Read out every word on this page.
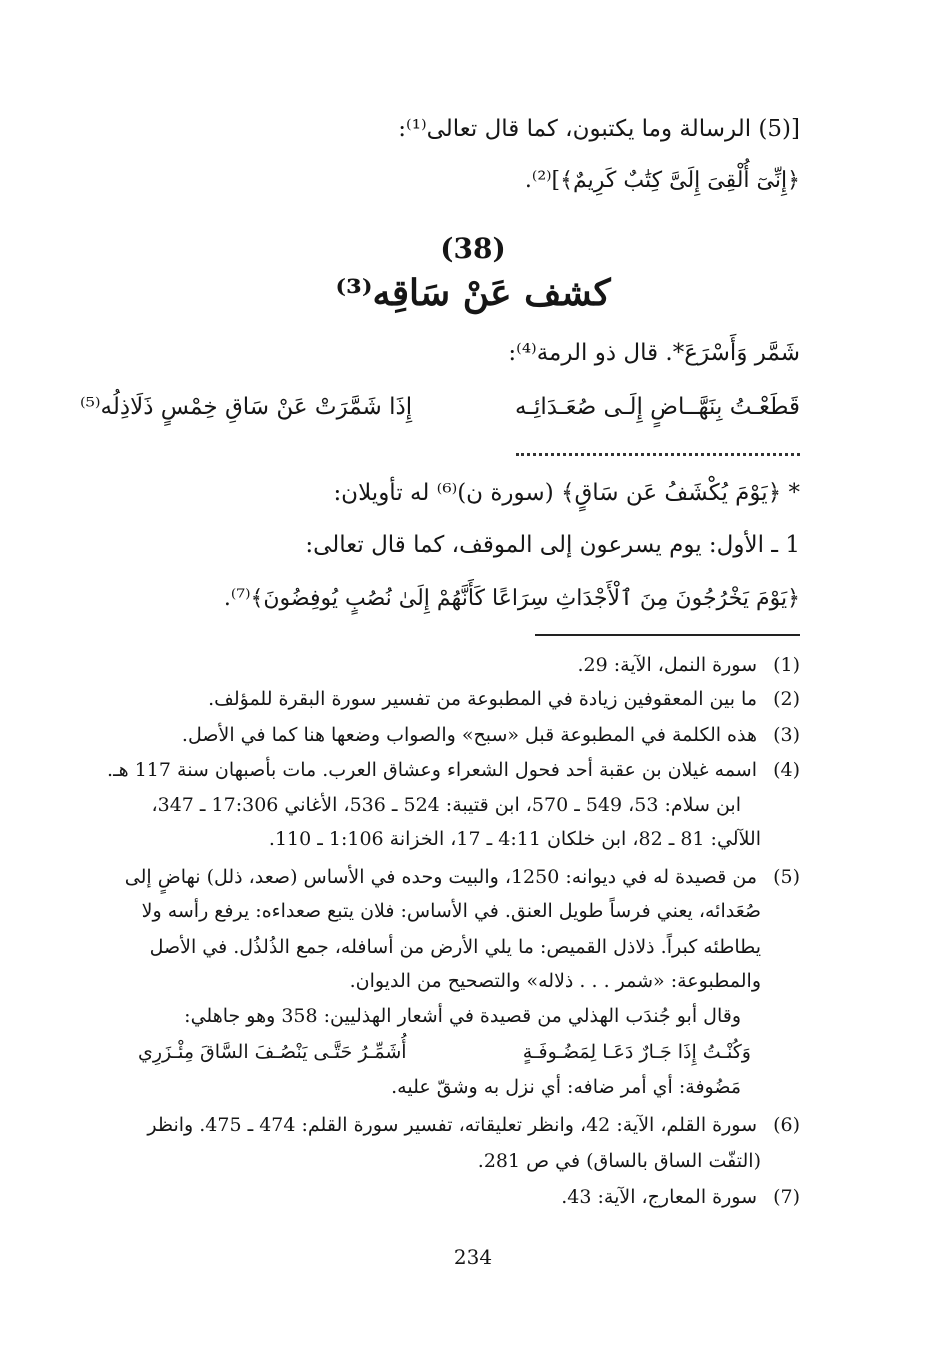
[(5) الرسالة وما يكتبون، كما قال تعالى⁽¹⁾:
﴿إِنِّىٓ أُلْقِىَ إِلَىَّ كِتَٰبٌ كَرِيمٌ﴾]⁽²⁾.
(38)
كشف عَنْ سَاقِه⁽³⁾
شَمَّر وَأَسْرَعَ*. قال ذو الرمة⁽⁴⁾:
قَطَعْـتُ بِنَهَّــاضٍ إِلَـى صُعَـدَائِـه
إِذَا شَمَّرَتْ عَنْ سَاقِ خِمْسٍ ذَلَاذِلُه⁽⁵⁾
* ﴿يَوْمَ يُكْشَفُ عَن سَاقٍ﴾ (سورة ن)⁽⁶⁾ له تأويلان:
1 ـ الأول: يوم يسرعون إلى الموقف، كما قال تعالى:
﴿يَوْمَ يَخْرُجُونَ مِنَ ٱلْأَجْدَاثِ سِرَاعًا كَأَنَّهُمْ إِلَىٰ نُصُبٍ يُوفِضُونَ﴾⁽⁷⁾.
(1) سورة النمل، الآية: 29.
(2) ما بين المعقوفين زيادة في المطبوعة من تفسير سورة البقرة للمؤلف.
(3) هذه الكلمة في المطبوعة قبل «سبح» والصواب وضعها هنا كما في الأصل.
(4) اسمه غيلان بن عقبة أحد فحول الشعراء وعشاق العرب. مات بأصبهان سنة 117 هـ.
ابن سلام: 53، 549 ـ 570، ابن قتيبة: 524 ـ 536، الأغاني 17:306 ـ 347،
اللآلي: 81 ـ 82، ابن خلكان 4:11 ـ 17، الخزانة 1:106 ـ 110.
(5) من قصيدة له في ديوانه: 1250، والبيت وحده في الأساس (صعد، ذلل) نهاضٍ إلى
صُعَدائه، يعني فرساً طويل العنق. في الأساس: فلان يتبع صعداءه: يرفع رأسه ولا
يطاطئه كبراً. ذلاذل القميص: ما يلي الأرض من أسافله، جمع الذُلذُل. في الأصل
والمطبوعة: «شمر . . . ذلاله» والتصحيح من الديوان.
وقال أبو جُندَب الهذلي من قصيدة في أشعار الهذليين: 358 وهو جاهلي:
وَكُنْـتُ إِذَا جَـارٌ دَعَـا لِمَضُـوفَـةٍ
أُشَمِّـرُ حَتَّـى يَنْصُـفَ السَّاقَ مِئْـزَرِي
مَضُوفة: أي أمر ضافه: أي نزل به وشقّ عليه.
(6) سورة القلم، الآية: 42، وانظر تعليقاته، تفسير سورة القلم: 474 ـ 475. وانظر
(التفّت الساق بالساق) في ص 281.
(7) سورة المعارج، الآية: 43.
234
